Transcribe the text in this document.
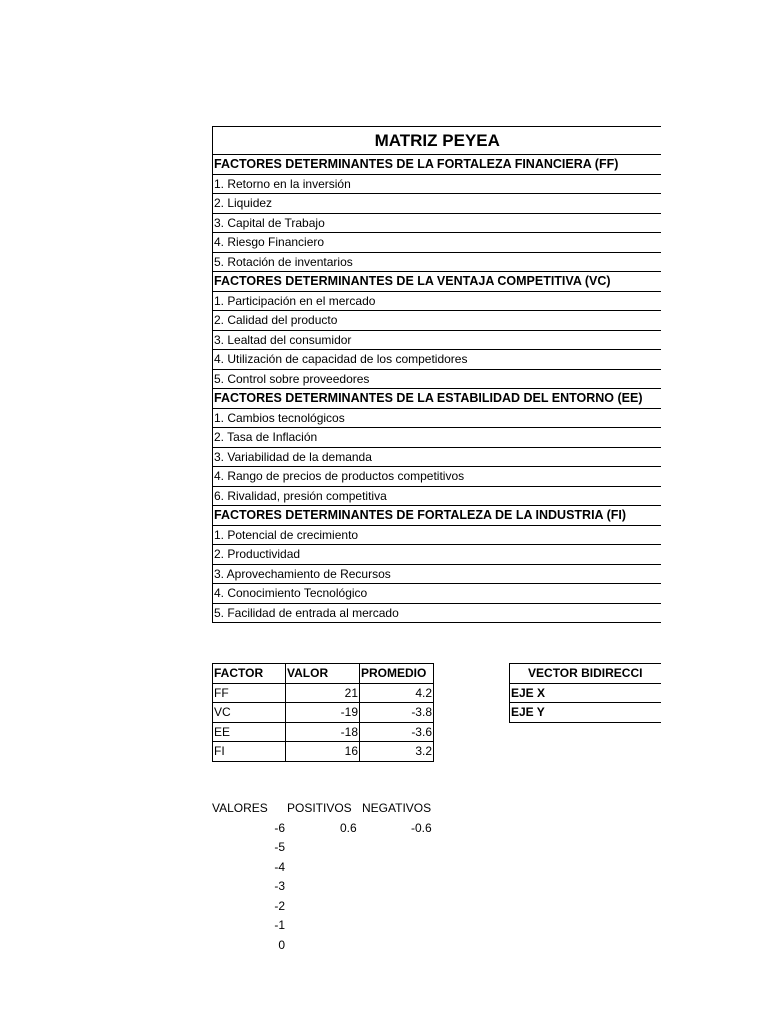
MATRIZ PEYEA
FACTORES DETERMINANTES DE LA FORTALEZA FINANCIERA (FF)
1. Retorno en la inversión
2. Liquidez
3. Capital de Trabajo
4. Riesgo Financiero
5. Rotación de inventarios
FACTORES DETERMINANTES DE LA VENTAJA COMPETITIVA (VC)
1. Participación en el mercado
2. Calidad del producto
3. Lealtad del consumidor
4. Utilización de capacidad de los competidores
5. Control sobre proveedores
FACTORES DETERMINANTES DE LA ESTABILIDAD DEL ENTORNO (EE)
1. Cambios tecnológicos
2. Tasa de Inflación
3. Variabilidad de la demanda
4. Rango de precios de productos competitivos
6. Rivalidad, presión competitiva
FACTORES DETERMINANTES DE FORTALEZA DE LA INDUSTRIA (FI)
1. Potencial de crecimiento
2. Productividad
3. Aprovechamiento de Recursos
4. Conocimiento Tecnológico
5. Facilidad de entrada al mercado
FACTOR	VALOR	PROMEDIO
FF	21	4.2
VC	-19	-3.8
EE	-18	-3.6
FI	16	3.2
VECTOR BIDIRECCI
EJE X
EJE Y
VALORES POSITIVOS NEGATIVOS
-6	0.6	-0.6
-5
-4
-3
-2
-1
0
